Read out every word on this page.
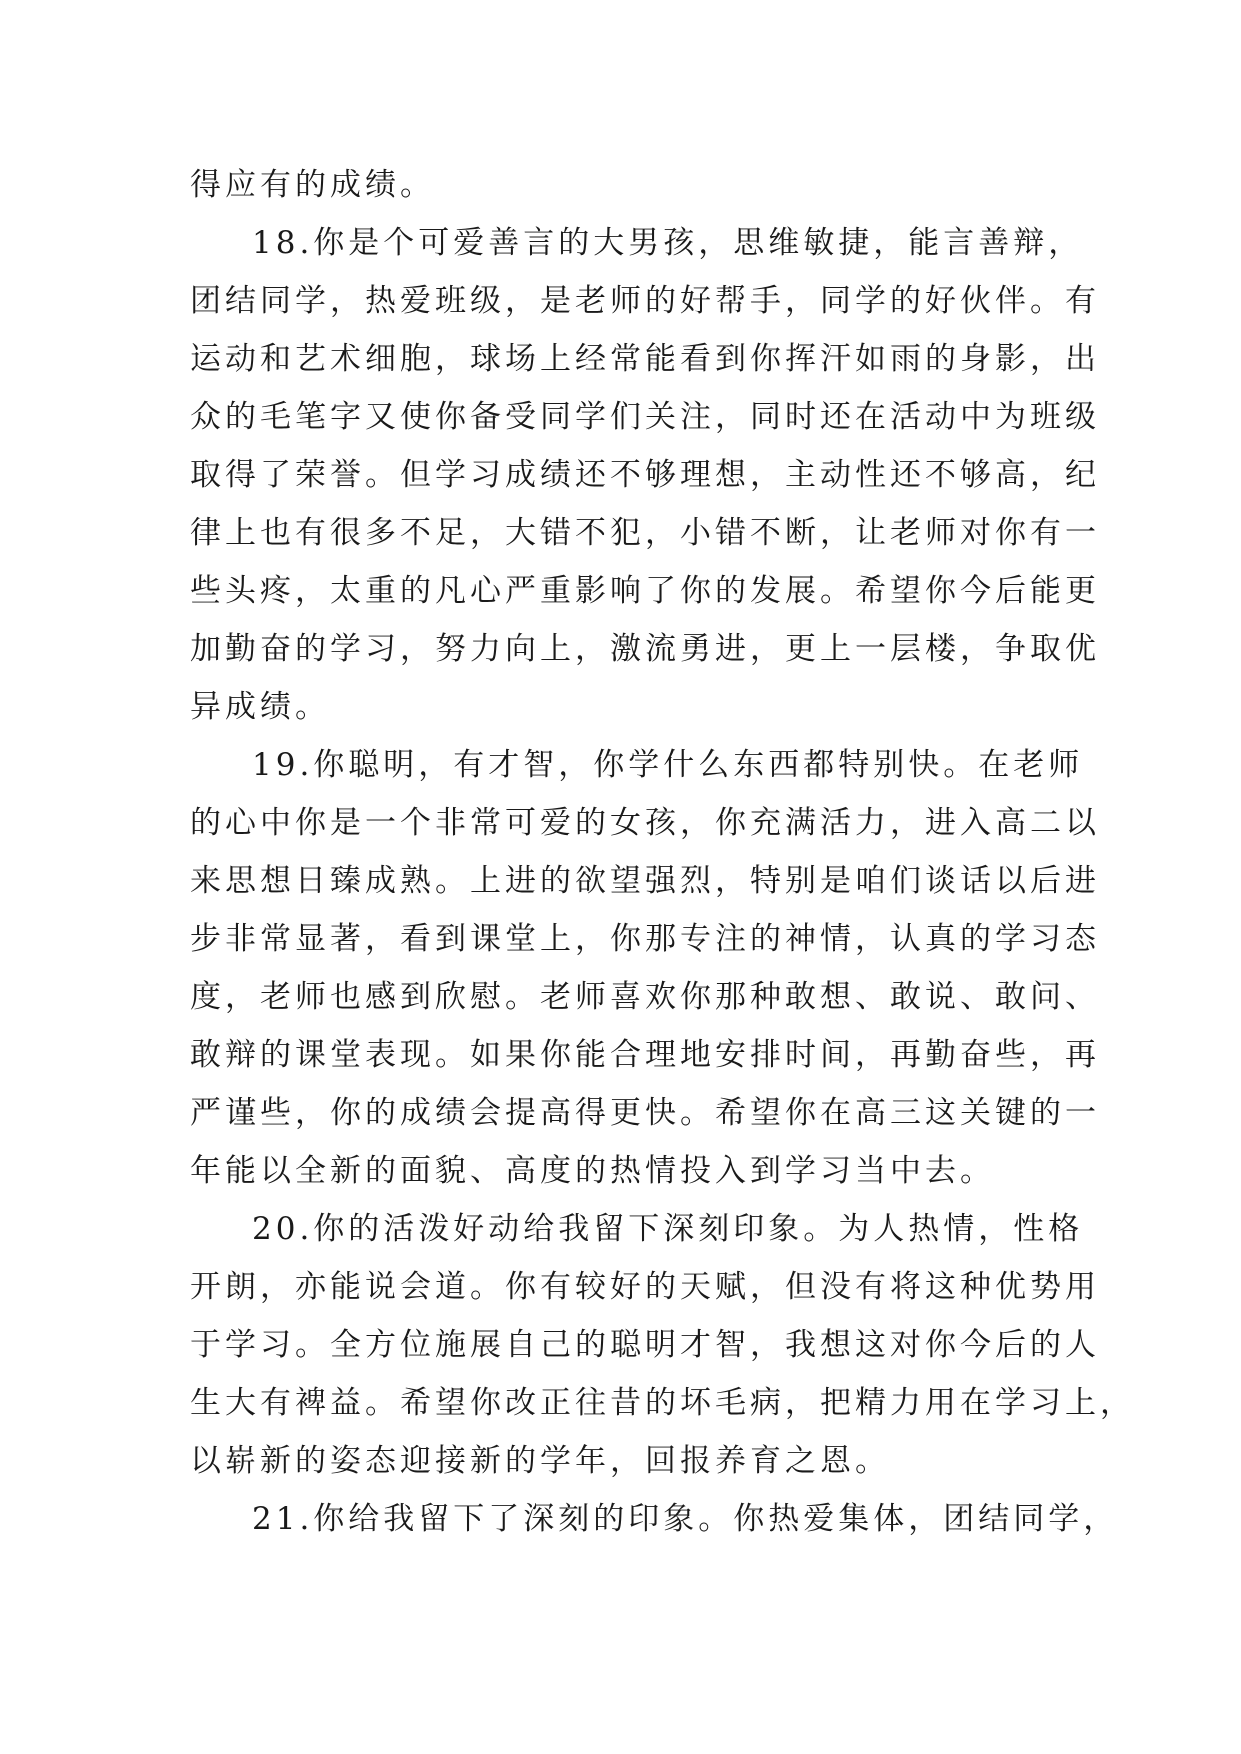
得应有的成绩。

18.你是个可爱善言的大男孩，思维敏捷，能言善辩，

团结同学，热爱班级，是老师的好帮手，同学的好伙伴。有

运动和艺术细胞，球场上经常能看到你挥汗如雨的身影，出

众的毛笔字又使你备受同学们关注，同时还在活动中为班级

取得了荣誉。但学习成绩还不够理想，主动性还不够高，纪

律上也有很多不足，大错不犯，小错不断，让老师对你有一

些头疼，太重的凡心严重影响了你的发展。希望你今后能更

加勤奋的学习，努力向上，激流勇进，更上一层楼，争取优

异成绩。

19.你聪明，有才智，你学什么东西都特别快。在老师

的心中你是一个非常可爱的女孩，你充满活力，进入高二以

来思想日臻成熟。上进的欲望强烈，特别是咱们谈话以后进

步非常显著，看到课堂上，你那专注的神情，认真的学习态

度，老师也感到欣慰。老师喜欢你那种敢想、敢说、敢问、

敢辩的课堂表现。如果你能合理地安排时间，再勤奋些，再

严谨些，你的成绩会提高得更快。希望你在高三这关键的一

年能以全新的面貌、高度的热情投入到学习当中去。

20.你的活泼好动给我留下深刻印象。为人热情，性格

开朗，亦能说会道。你有较好的天赋，但没有将这种优势用

于学习。全方位施展自己的聪明才智，我想这对你今后的人

生大有裨益。希望你改正往昔的坏毛病，把精力用在学习上，

以崭新的姿态迎接新的学年，回报养育之恩。

21.你给我留下了深刻的印象。你热爱集体，团结同学，
